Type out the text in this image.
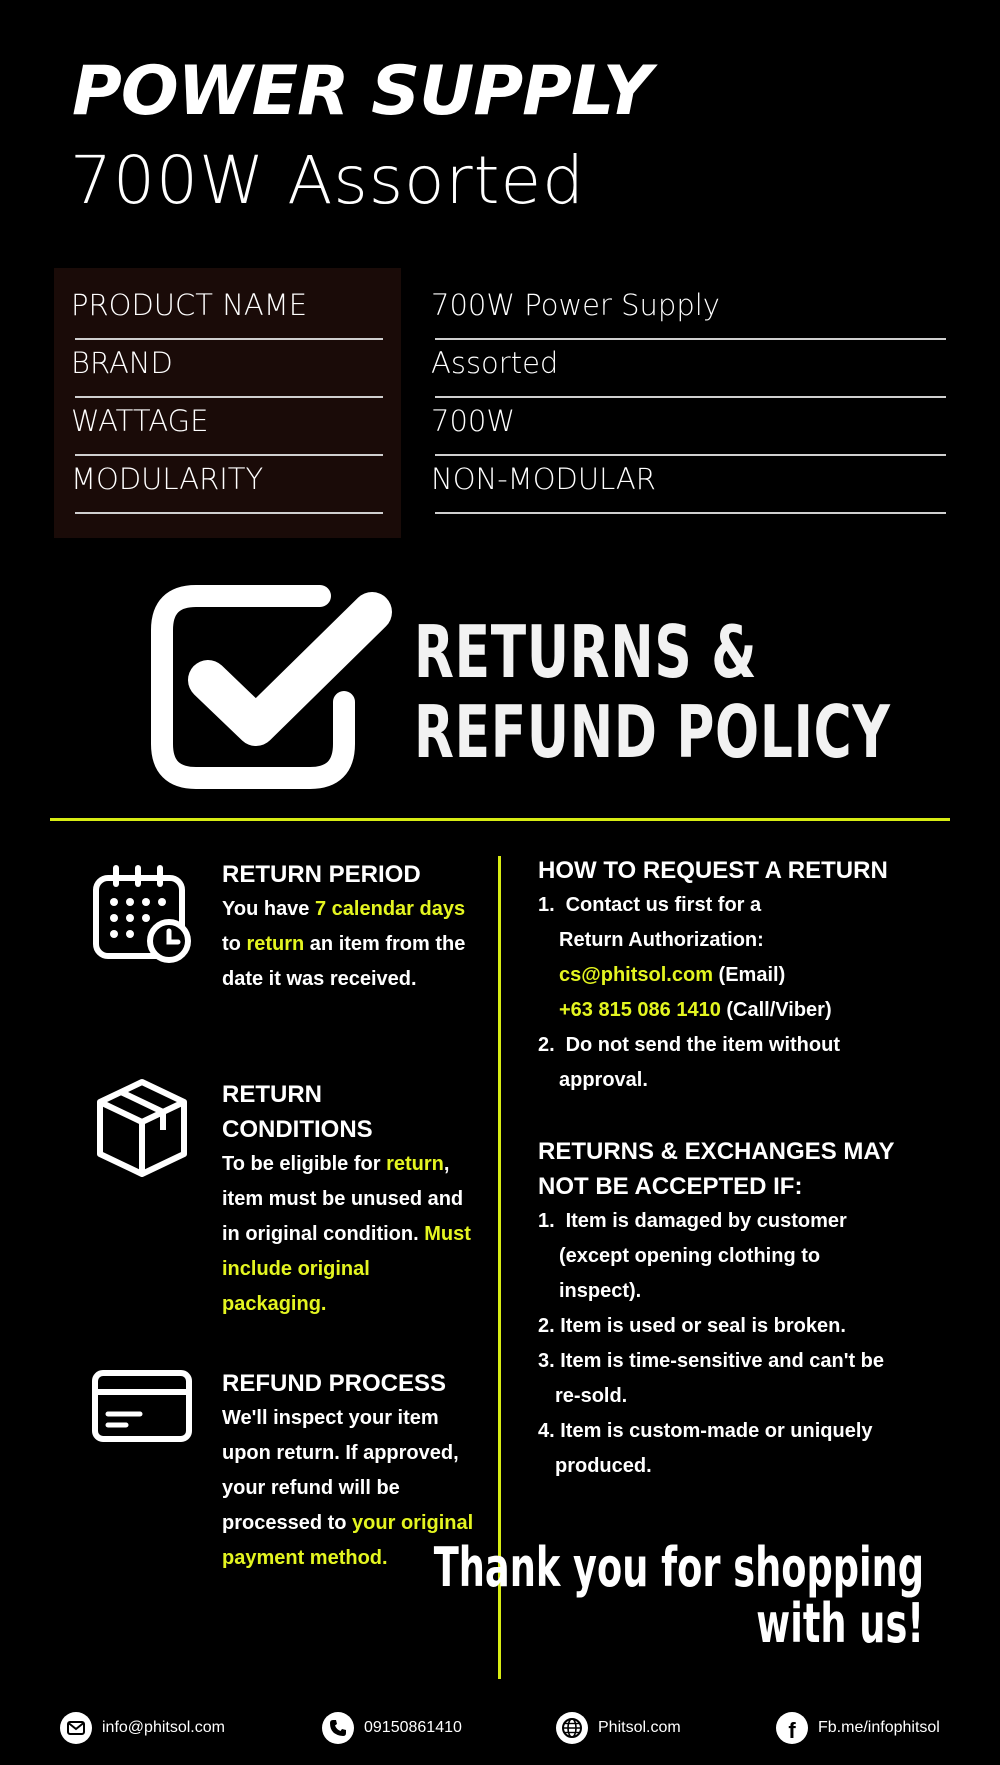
POWER SUPPLY
700W Assorted
PRODUCT NAME	700W Power Supply
BRAND	Assorted
WATTAGE	700W
MODULARITY	NON-MODULAR
RETURNS &
REFUND POLICY
RETURN PERIOD
You have 7 calendar days to return an item from the date it was received.
RETURN
CONDITIONS
To be eligible for return, item must be unused and in original condition. Must include original packaging.
REFUND PROCESS
We'll inspect your item upon return. If approved, your refund will be processed to your original payment method.
HOW TO REQUEST A RETURN
1. Contact us first for a
Return Authorization:
cs@phitsol.com (Email)
+63 815 086 1410 (Call/Viber)
2. Do not send the item without
approval.
RETURNS & EXCHANGES MAY
NOT BE ACCEPTED IF:
1. Item is damaged by customer
(except opening clothing to
inspect).
2. Item is used or seal is broken.
3. Item is time-sensitive and can't be
re-sold.
4. Item is custom-made or uniquely
produced.
Thank you for shopping
with us!
info@phitsol.com	09150861410	Phitsol.com	f Fb.me/infophitsol
